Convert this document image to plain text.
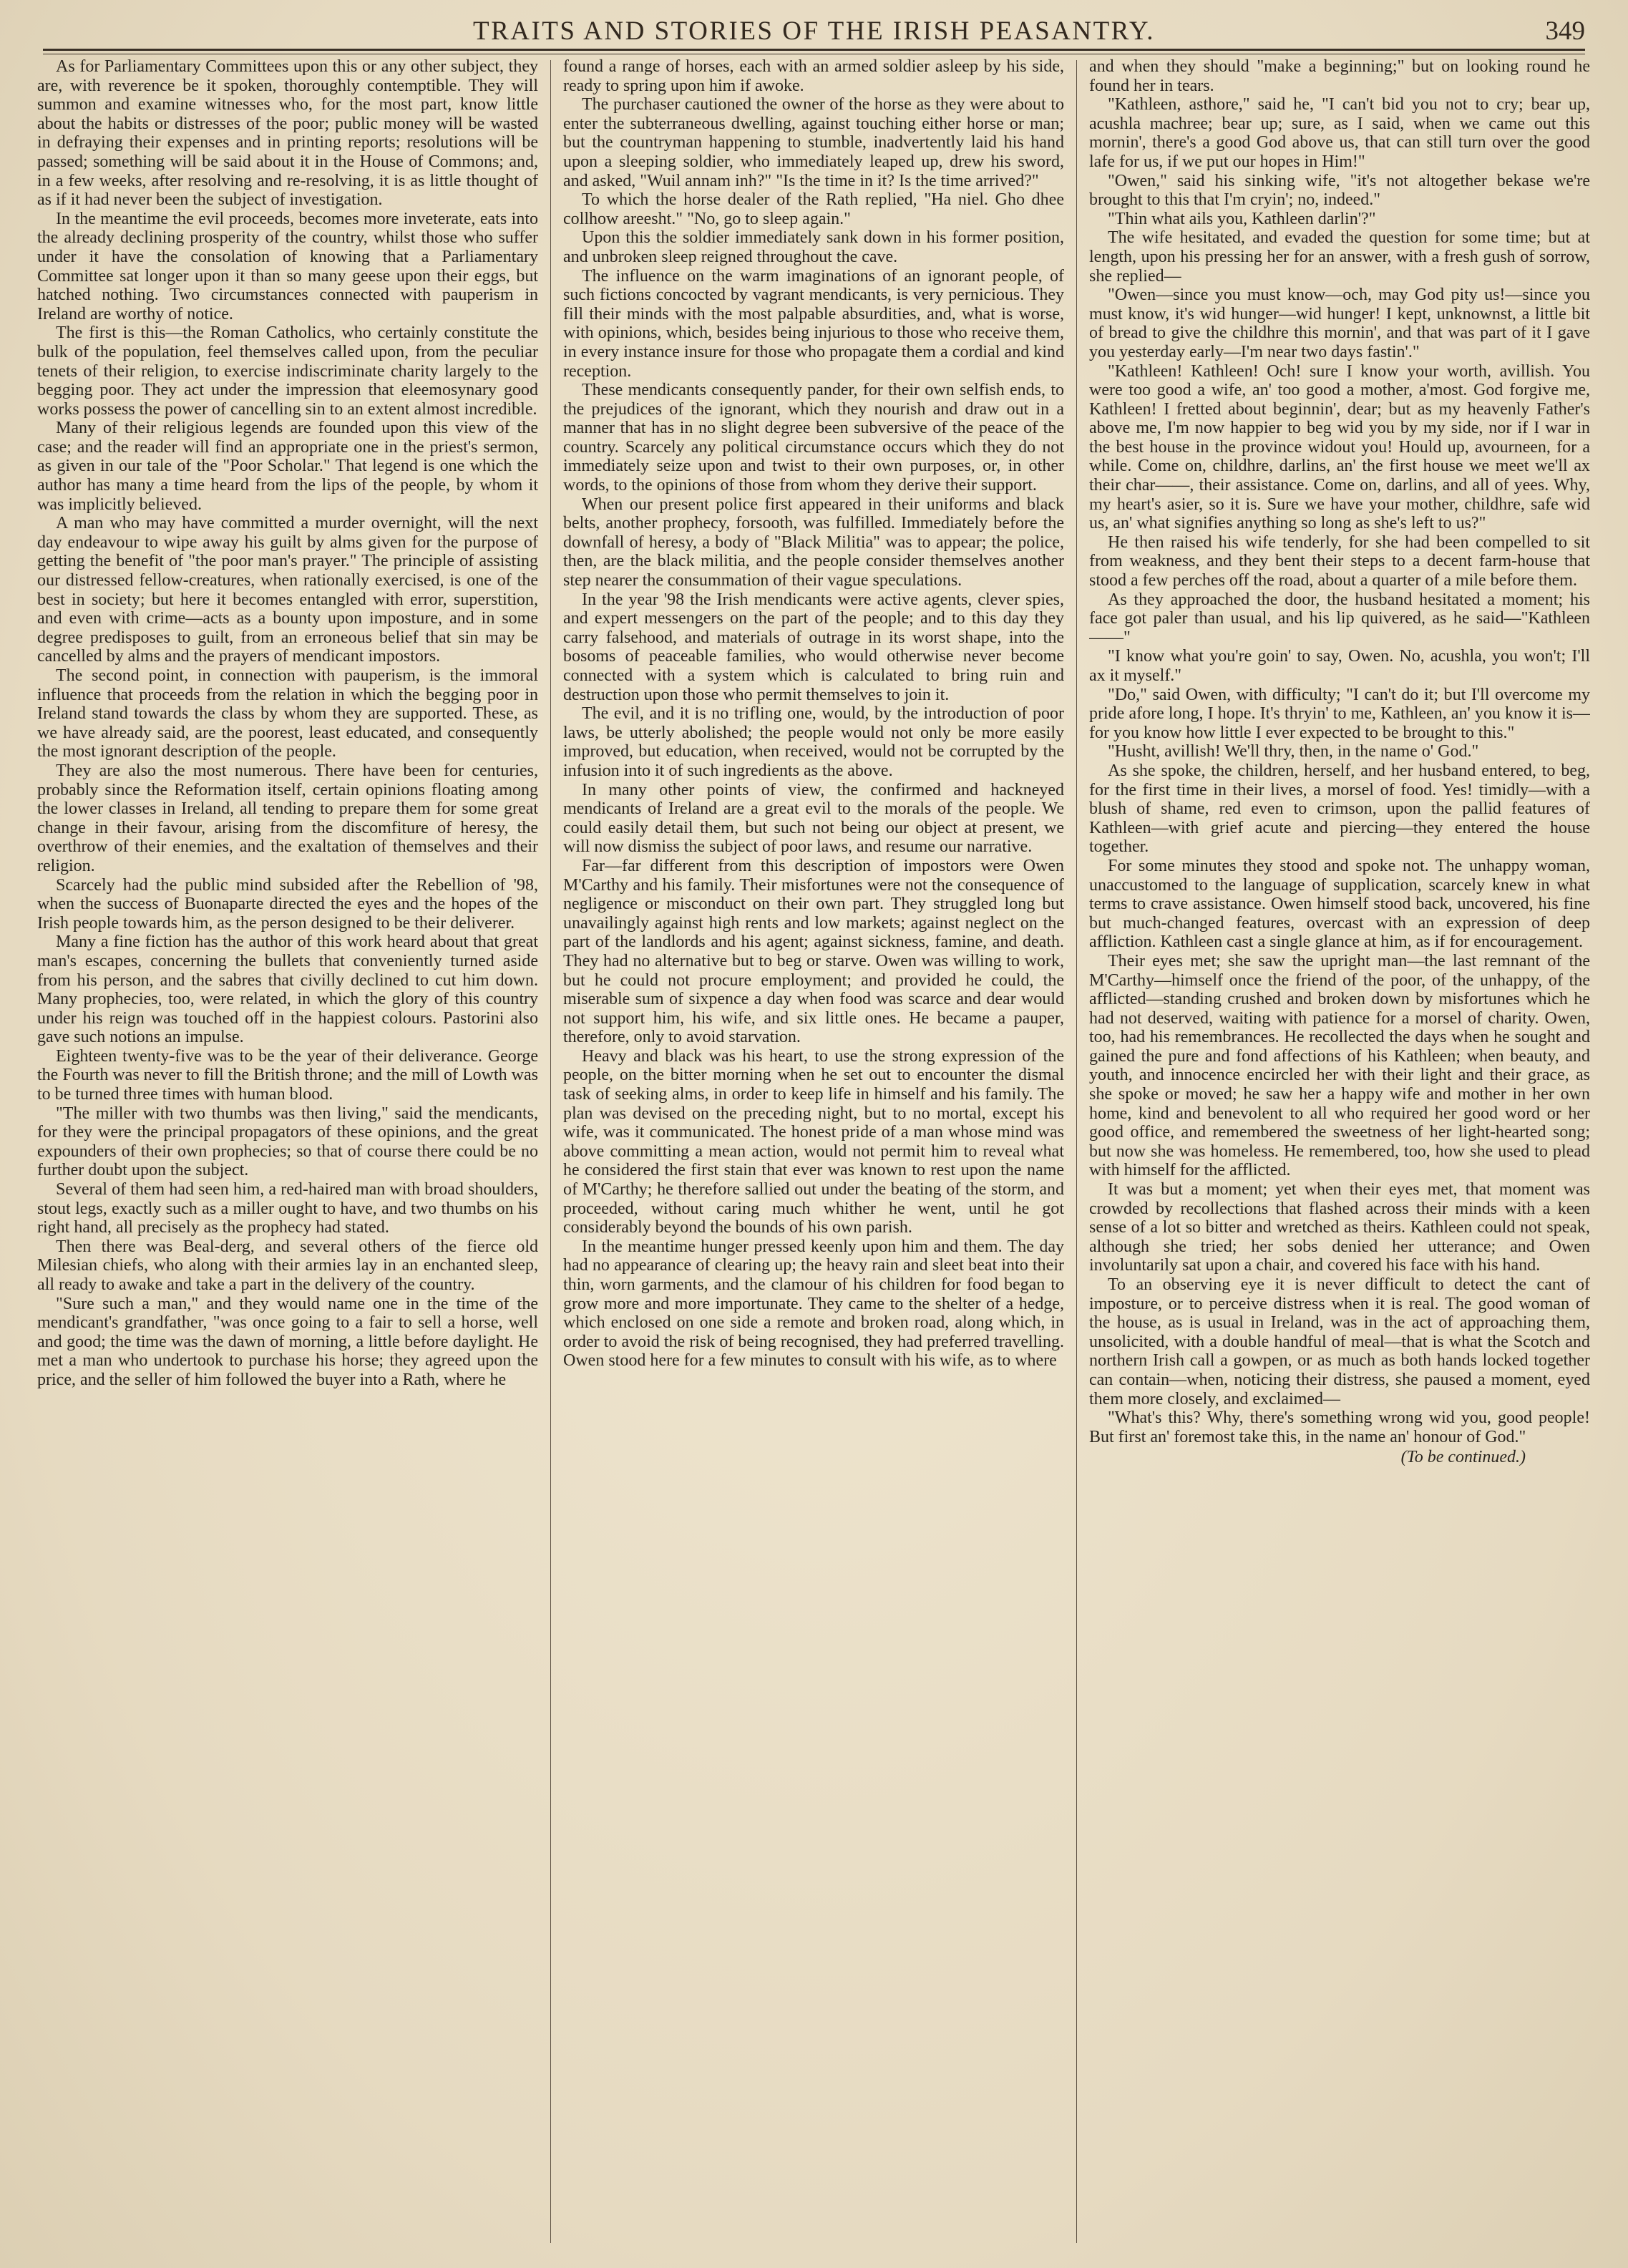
TRAITS AND STORIES OF THE IRISH PEASANTRY.	349

As for Parliamentary Committees upon this or any other subject, they are, with reverence be it spoken, thoroughly contemptible. They will summon and examine witnesses who, for the most part, know little about the habits or distresses of the poor; public money will be wasted in defraying their expenses and in printing reports; resolutions will be passed; something will be said about it in the House of Commons; and, in a few weeks, after resolving and re-resolving, it is as little thought of as if it had never been the subject of investigation.

In the meantime the evil proceeds, becomes more inveterate, eats into the already declining prosperity of the country, whilst those who suffer under it have the consolation of knowing that a Parliamentary Committee sat longer upon it than so many geese upon their eggs, but hatched nothing. Two circumstances connected with pauperism in Ireland are worthy of notice.

The first is this—the Roman Catholics, who certainly constitute the bulk of the population, feel themselves called upon, from the peculiar tenets of their religion, to exercise indiscriminate charity largely to the begging poor. They act under the impression that eleemosynary good works possess the power of cancelling sin to an extent almost incredible.

Many of their religious legends are founded upon this view of the case; and the reader will find an appropriate one in the priest's sermon, as given in our tale of the "Poor Scholar." That legend is one which the author has many a time heard from the lips of the people, by whom it was implicitly believed.

A man who may have committed a murder overnight, will the next day endeavour to wipe away his guilt by alms given for the purpose of getting the benefit of "the poor man's prayer." The principle of assisting our distressed fellow-creatures, when rationally exercised, is one of the best in society; but here it becomes entangled with error, superstition, and even with crime—acts as a bounty upon imposture, and in some degree predisposes to guilt, from an erroneous belief that sin may be cancelled by alms and the prayers of mendicant impostors.

The second point, in connection with pauperism, is the immoral influence that proceeds from the relation in which the begging poor in Ireland stand towards the class by whom they are supported. These, as we have already said, are the poorest, least educated, and consequently the most ignorant description of the people.

They are also the most numerous. There have been for centuries, probably since the Reformation itself, certain opinions floating among the lower classes in Ireland, all tending to prepare them for some great change in their favour, arising from the discomfiture of heresy, the overthrow of their enemies, and the exaltation of themselves and their religion.

Scarcely had the public mind subsided after the Rebellion of '98, when the success of Buonaparte directed the eyes and the hopes of the Irish people towards him, as the person designed to be their deliverer.

Many a fine fiction has the author of this work heard about that great man's escapes, concerning the bullets that conveniently turned aside from his person, and the sabres that civilly declined to cut him down. Many prophecies, too, were related, in which the glory of this country under his reign was touched off in the happiest colours. Pastorini also gave such notions an impulse.

Eighteen twenty-five was to be the year of their deliverance. George the Fourth was never to fill the British throne; and the mill of Lowth was to be turned three times with human blood.

"The miller with two thumbs was then living," said the mendicants, for they were the principal propagators of these opinions, and the great expounders of their own prophecies; so that of course there could be no further doubt upon the subject.

Several of them had seen him, a red-haired man with broad shoulders, stout legs, exactly such as a miller ought to have, and two thumbs on his right hand, all precisely as the prophecy had stated.

Then there was Beal-derg, and several others of the fierce old Milesian chiefs, who along with their armies lay in an enchanted sleep, all ready to awake and take a part in the delivery of the country.

"Sure such a man," and they would name one in the time of the mendicant's grandfather, "was once going to a fair to sell a horse, well and good; the time was the dawn of morning, a little before daylight. He met a man who undertook to purchase his horse; they agreed upon the price, and the seller of him followed the buyer into a Rath, where he

found a range of horses, each with an armed soldier asleep by his side, ready to spring upon him if awoke.

The purchaser cautioned the owner of the horse as they were about to enter the subterraneous dwelling, against touching either horse or man; but the countryman happening to stumble, inadvertently laid his hand upon a sleeping soldier, who immediately leaped up, drew his sword, and asked, "Wuil annam inh?" "Is the time in it? Is the time arrived?"

To which the horse dealer of the Rath replied, "Ha niel. Gho dhee collhow areesht." "No, go to sleep again."

Upon this the soldier immediately sank down in his former position, and unbroken sleep reigned throughout the cave.

The influence on the warm imaginations of an ignorant people, of such fictions concocted by vagrant mendicants, is very pernicious. They fill their minds with the most palpable absurdities, and, what is worse, with opinions, which, besides being injurious to those who receive them, in every instance insure for those who propagate them a cordial and kind reception.

These mendicants consequently pander, for their own selfish ends, to the prejudices of the ignorant, which they nourish and draw out in a manner that has in no slight degree been subversive of the peace of the country. Scarcely any political circumstance occurs which they do not immediately seize upon and twist to their own purposes, or, in other words, to the opinions of those from whom they derive their support.

When our present police first appeared in their uniforms and black belts, another prophecy, forsooth, was fulfilled. Immediately before the downfall of heresy, a body of "Black Militia" was to appear; the police, then, are the black militia, and the people consider themselves another step nearer the consummation of their vague speculations.

In the year '98 the Irish mendicants were active agents, clever spies, and expert messengers on the part of the people; and to this day they carry falsehood, and materials of outrage in its worst shape, into the bosoms of peaceable families, who would otherwise never become connected with a system which is calculated to bring ruin and destruction upon those who permit themselves to join it.

The evil, and it is no trifling one, would, by the introduction of poor laws, be utterly abolished; the people would not only be more easily improved, but education, when received, would not be corrupted by the infusion into it of such ingredients as the above.

In many other points of view, the confirmed and hackneyed mendicants of Ireland are a great evil to the morals of the people. We could easily detail them, but such not being our object at present, we will now dismiss the subject of poor laws, and resume our narrative.

Far—far different from this description of impostors were Owen M'Carthy and his family. Their misfortunes were not the consequence of negligence or misconduct on their own part. They struggled long but unavailingly against high rents and low markets; against neglect on the part of the landlords and his agent; against sickness, famine, and death. They had no alternative but to beg or starve. Owen was willing to work, but he could not procure employment; and provided he could, the miserable sum of sixpence a day when food was scarce and dear would not support him, his wife, and six little ones. He became a pauper, therefore, only to avoid starvation.

Heavy and black was his heart, to use the strong expression of the people, on the bitter morning when he set out to encounter the dismal task of seeking alms, in order to keep life in himself and his family. The plan was devised on the preceding night, but to no mortal, except his wife, was it communicated. The honest pride of a man whose mind was above committing a mean action, would not permit him to reveal what he considered the first stain that ever was known to rest upon the name of M'Carthy; he therefore sallied out under the beating of the storm, and proceeded, without caring much whither he went, until he got considerably beyond the bounds of his own parish.

In the meantime hunger pressed keenly upon him and them. The day had no appearance of clearing up; the heavy rain and sleet beat into their thin, worn garments, and the clamour of his children for food began to grow more and more importunate. They came to the shelter of a hedge, which enclosed on one side a remote and broken road, along which, in order to avoid the risk of being recognised, they had preferred travelling. Owen stood here for a few minutes to consult with his wife, as to where

and when they should "make a beginning;" but on looking round he found her in tears.

"Kathleen, asthore," said he, "I can't bid you not to cry; bear up, acushla machree; bear up; sure, as I said, when we came out this mornin', there's a good God above us, that can still turn over the good lafe for us, if we put our hopes in Him!"

"Owen," said his sinking wife, "it's not altogether bekase we're brought to this that I'm cryin'; no, indeed."

"Thin what ails you, Kathleen darlin'?"

The wife hesitated, and evaded the question for some time; but at length, upon his pressing her for an answer, with a fresh gush of sorrow, she replied—

"Owen—since you must know—och, may God pity us!—since you must know, it's wid hunger—wid hunger! I kept, unknownst, a little bit of bread to give the childhre this mornin', and that was part of it I gave you yesterday early—I'm near two days fastin'."

"Kathleen! Kathleen! Och! sure I know your worth, avillish. You were too good a wife, an' too good a mother, a'most. God forgive me, Kathleen! I fretted about beginnin', dear; but as my heavenly Father's above me, I'm now happier to beg wid you by my side, nor if I war in the best house in the province widout you! Hould up, avourneen, for a while. Come on, childhre, darlins, an' the first house we meet we'll ax their char——, their assistance. Come on, darlins, and all of yees. Why, my heart's asier, so it is. Sure we have your mother, childhre, safe wid us, an' what signifies anything so long as she's left to us?"

He then raised his wife tenderly, for she had been compelled to sit from weakness, and they bent their steps to a decent farm-house that stood a few perches off the road, about a quarter of a mile before them.

As they approached the door, the husband hesitated a moment; his face got paler than usual, and his lip quivered, as he said—"Kathleen——"

"I know what you're goin' to say, Owen. No, acushla, you won't; I'll ax it myself."

"Do," said Owen, with difficulty; "I can't do it; but I'll overcome my pride afore long, I hope. It's thryin' to me, Kathleen, an' you know it is—for you know how little I ever expected to be brought to this."

"Husht, avillish! We'll thry, then, in the name o' God."

As she spoke, the children, herself, and her husband entered, to beg, for the first time in their lives, a morsel of food. Yes! timidly—with a blush of shame, red even to crimson, upon the pallid features of Kathleen—with grief acute and piercing—they entered the house together.

For some minutes they stood and spoke not. The unhappy woman, unaccustomed to the language of supplication, scarcely knew in what terms to crave assistance. Owen himself stood back, uncovered, his fine but much-changed features, overcast with an expression of deep affliction. Kathleen cast a single glance at him, as if for encouragement.

Their eyes met; she saw the upright man—the last remnant of the M'Carthy—himself once the friend of the poor, of the unhappy, of the afflicted—standing crushed and broken down by misfortunes which he had not deserved, waiting with patience for a morsel of charity. Owen, too, had his remembrances. He recollected the days when he sought and gained the pure and fond affections of his Kathleen; when beauty, and youth, and innocence encircled her with their light and their grace, as she spoke or moved; he saw her a happy wife and mother in her own home, kind and benevolent to all who required her good word or her good office, and remembered the sweetness of her light-hearted song; but now she was homeless. He remembered, too, how she used to plead with himself for the afflicted.

It was but a moment; yet when their eyes met, that moment was crowded by recollections that flashed across their minds with a keen sense of a lot so bitter and wretched as theirs. Kathleen could not speak, although she tried; her sobs denied her utterance; and Owen involuntarily sat upon a chair, and covered his face with his hand.

To an observing eye it is never difficult to detect the cant of imposture, or to perceive distress when it is real. The good woman of the house, as is usual in Ireland, was in the act of approaching them, unsolicited, with a double handful of meal—that is what the Scotch and northern Irish call a gowpen, or as much as both hands locked together can contain—when, noticing their distress, she paused a moment, eyed them more closely, and exclaimed—

"What's this? Why, there's something wrong wid you, good people! But first an' foremost take this, in the name an' honour of God."

(To be continued.)
